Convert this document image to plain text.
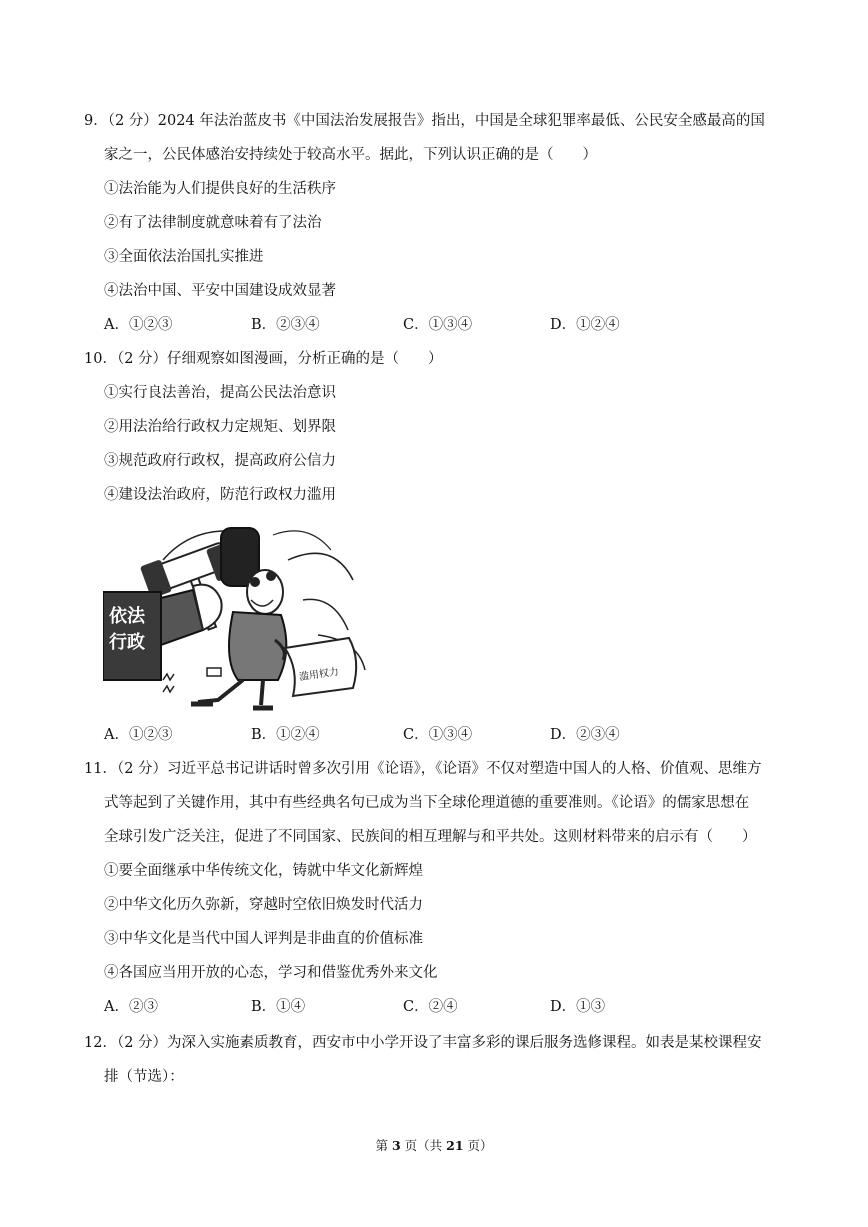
9．（2 分）2024 年法治蓝皮书《中国法治发展报告》指出，中国是全球犯罪率最低、公民安全感最高的国
家之一，公民体感治安持续处于较高水平。据此，下列认识正确的是（　　）
①法治能为人们提供良好的生活秩序
②有了法律制度就意味着有了法治
③全面依法治国扎实推进
④法治中国、平安中国建设成效显著
A．①②③	B．②③④	C．①③④	D．①②④
10．（2 分）仔细观察如图漫画，分析正确的是（　　）
①实行良法善治，提高公民法治意识
②用法治给行政权力定规矩、划界限
③规范政府行政权，提高政府公信力
④建设法治政府，防范行政权力滥用
依法
行政
滥用权力
A．①②③	B．①②④	C．①③④	D．②③④
11．（2 分）习近平总书记讲话时曾多次引用《论语》，《论语》不仅对塑造中国人的人格、价值观、思维方
式等起到了关键作用，其中有些经典名句已成为当下全球伦理道德的重要准则。《论语》的儒家思想在
全球引发广泛关注，促进了不同国家、民族间的相互理解与和平共处。这则材料带来的启示有（　　）
①要全面继承中华传统文化，铸就中华文化新辉煌
②中华文化历久弥新，穿越时空依旧焕发时代活力
③中华文化是当代中国人评判是非曲直的价值标准
④各国应当用开放的心态，学习和借鉴优秀外来文化
A．②③	B．①④	C．②④	D．①③
12．（2 分）为深入实施素质教育，西安市中小学开设了丰富多彩的课后服务选修课程。如表是某校课程安
排（节选）：
第 3 页（共 21 页）
